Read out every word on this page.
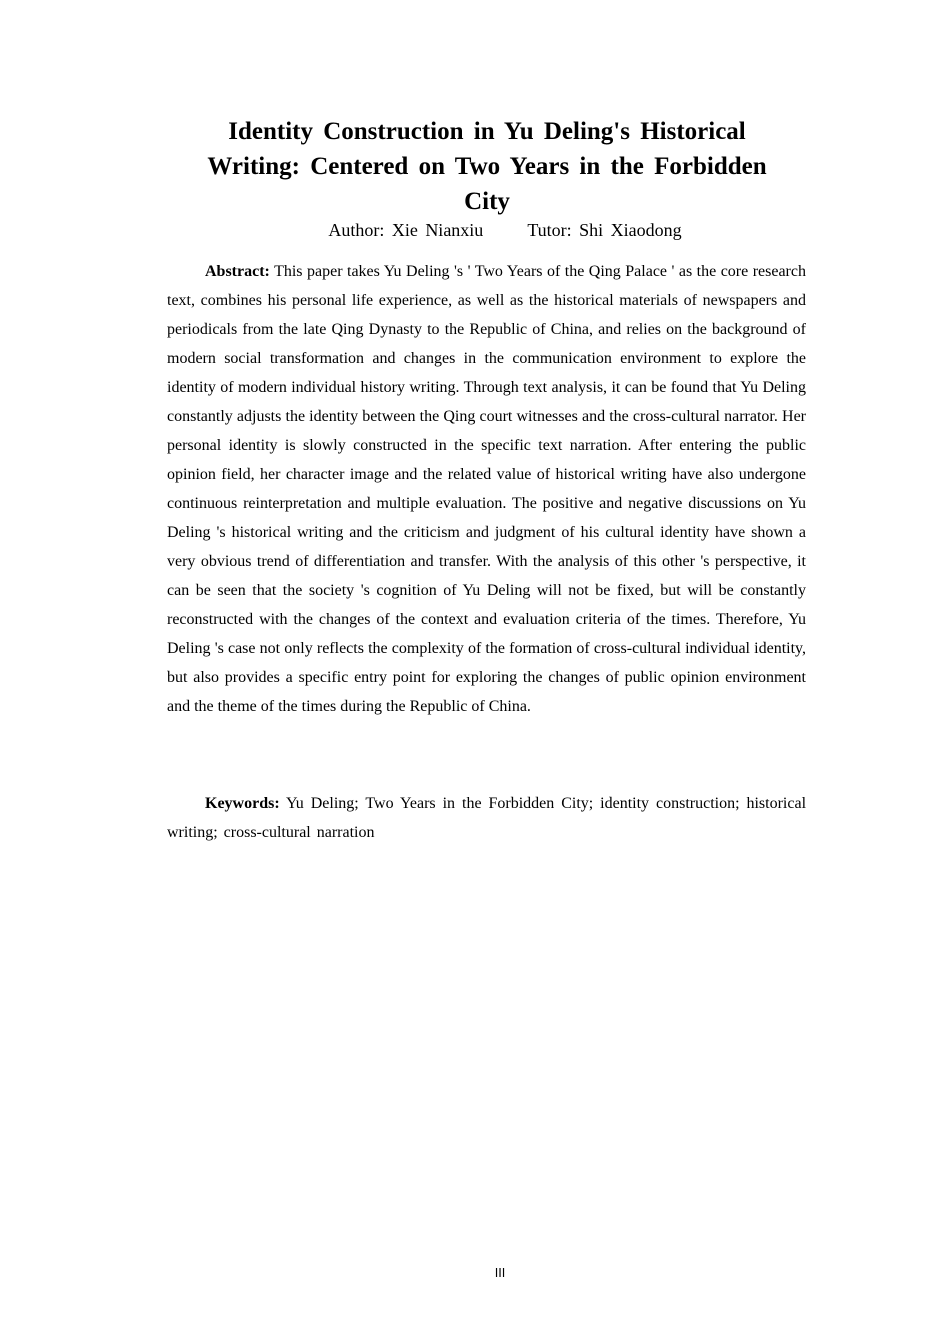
Identity Construction in Yu Deling's Historical
Writing: Centered on Two Years in the Forbidden
City

Author: Xie Nianxiu Tutor: Shi Xiaodong

Abstract: This paper takes Yu Deling 's ' Two Years of the Qing Palace ' as the core research text, combines his personal life experience, as well as the historical materials of newspapers and periodicals from the late Qing Dynasty to the Republic of China, and relies on the background of modern social transformation and changes in the communication environment to explore the identity of modern individual history writing. Through text analysis, it can be found that Yu Deling constantly adjusts the identity between the Qing court witnesses and the cross-cultural narrator. Her personal identity is slowly constructed in the specific text narration. After entering the public opinion field, her character image and the related value of historical writing have also undergone continuous reinterpretation and multiple evaluation. The positive and negative discussions on Yu Deling 's historical writing and the criticism and judgment of his cultural identity have shown a very obvious trend of differentiation and transfer. With the analysis of this other 's perspective, it can be seen that the society 's cognition of Yu Deling will not be fixed, but will be constantly reconstructed with the changes of the context and evaluation criteria of the times. Therefore, Yu Deling 's case not only reflects the complexity of the formation of cross-cultural individual identity, but also provides a specific entry point for exploring the changes of public opinion environment and the theme of the times during the Republic of China.

Keywords: Yu Deling; Two Years in the Forbidden City; identity construction; historical writing; cross-cultural narration

III
